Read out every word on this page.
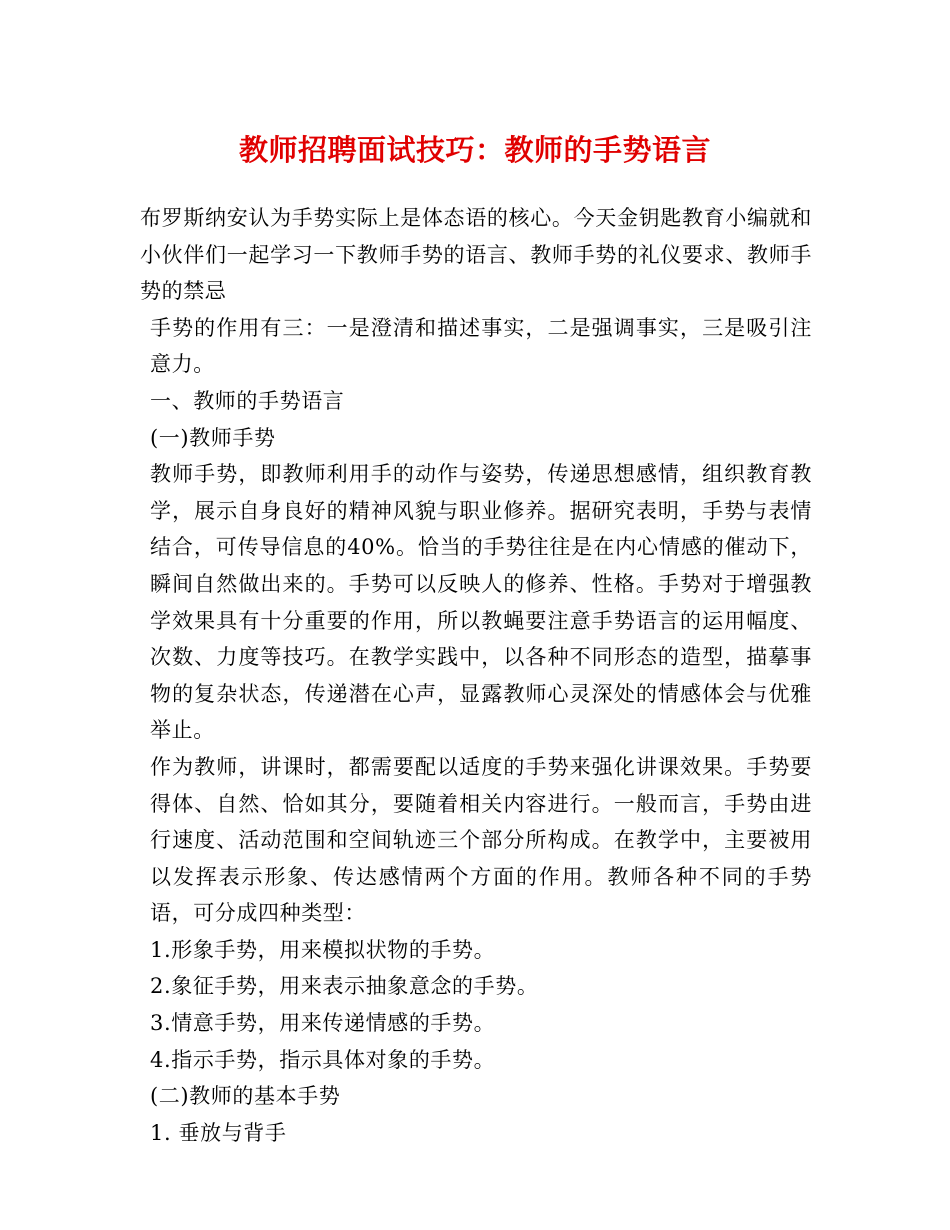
教师招聘面试技巧：教师的手势语言

布罗斯纳安认为手势实际上是体态语的核心。今天金钥匙教育小编就和小伙伴们一起学习一下教师手势的语言、教师手势的礼仪要求、教师手势的禁忌

手势的作用有三：一是澄清和描述事实，二是强调事实，三是吸引注意力。

一、教师的手势语言

(一)教师手势

教师手势，即教师利用手的动作与姿势，传递思想感情，组织教育教学，展示自身良好的精神风貌与职业修养。据研究表明，手势与表情结合，可传导信息的40%。恰当的手势往往是在内心情感的催动下，瞬间自然做出来的。手势可以反映人的修养、性格。手势对于增强教学效果具有十分重要的作用，所以教蝇要注意手势语言的运用幅度、次数、力度等技巧。在教学实践中，以各种不同形态的造型，描摹事物的复杂状态，传递潜在心声，显露教师心灵深处的情感体会与优雅举止。

作为教师，讲课时，都需要配以适度的手势来强化讲课效果。手势要得体、自然、恰如其分，要随着相关内容进行。一般而言，手势由进行速度、活动范围和空间轨迹三个部分所构成。在教学中，主要被用以发挥表示形象、传达感情两个方面的作用。教师各种不同的手势语，可分成四种类型：

1.形象手势，用来模拟状物的手势。

2.象征手势，用来表示抽象意念的手势。

3.情意手势，用来传递情感的手势。

4.指示手势，指示具体对象的手势。

(二)教师的基本手势

1. 垂放与背手
